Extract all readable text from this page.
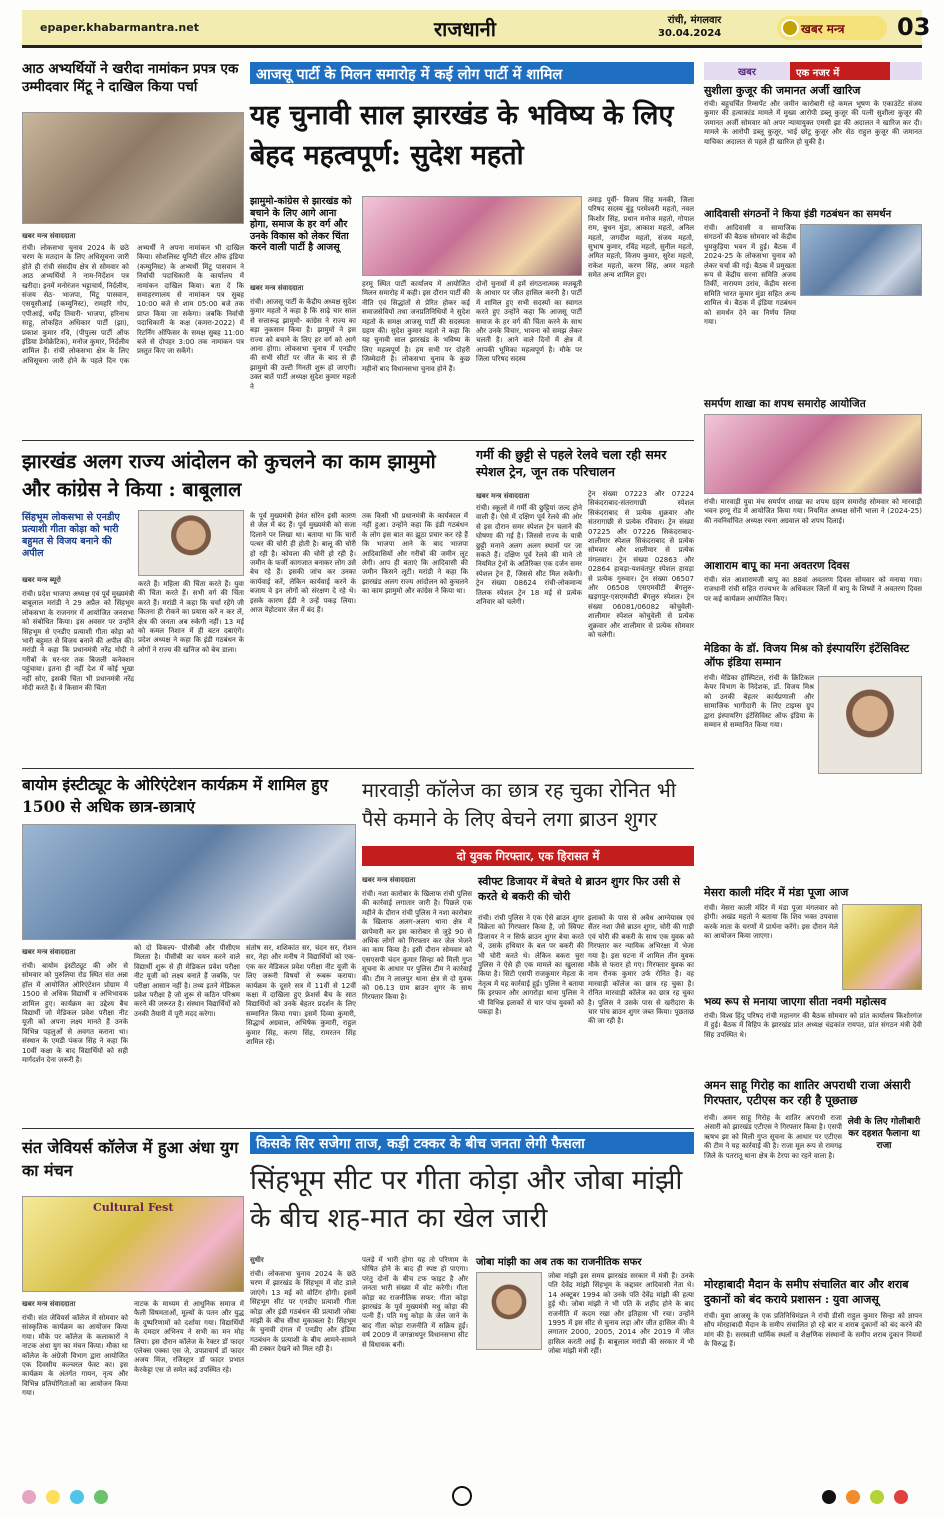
epaper.khabarmantra.net	राजधानी	रांची, मंगलवार
30.04.2024	खबर मन्त्र	03
आठ अभ्यर्थियों ने खरीदा नामांकन प्रपत्र एक उम्मीदवार मिंटू ने दाखिल किया पर्चा
खबर मन्त्र संवाददाता
रांची। लोकसभा चुनाव 2024 के छठे चरण के मतदान के लिए अधिसूचना जारी होते ही रांची संसदीय क्षेत्र से सोमवार को आठ अभ्यर्थियों ने नाम-निर्देशन पत्र खरीदा। इनमें मनोरंजन भट्टाचार्य, निर्दलीय, संजय सेठ- भाजपा, मिंटू पासवान, एसयूसीआई (कम्युनिस्ट), रामहरि गोप, एपीआई, धर्मेंद्र तिवारी- भाजपा, हरिनाथ साहू, लोकहित अधिकार पार्टी (झा), प्रकाश कुमार रवि, (पीपुल्स पार्टी ऑफ इंडिया डेमोक्रेटिक), मनोज कुमार, निर्दलीय शामिल हैं। रांची लोकसभा क्षेत्र के लिए अधिसूचना जारी होने के पहले दिन एक अभ्यर्थी ने अपना नामांकन भी दाखिल किया। सोशलिस्ट यूनिटी सेंटर ऑफ इंडिया (कम्युनिस्ट) के अभ्यर्थी मिंटू पासवान ने निर्वाची पदाधिकारी के कार्यालय में नामांकन दाखिल किया। बता दें कि समाहरणालय से नामांकन पत्र सुबह 10:00 बजे से शाम 05:00 बजे तक प्राप्त किया जा सकेगा। जबकि निर्वाची पदाधिकारी के कक्ष (कमरा-2022) में रिटर्निंग ऑफिसर के समक्ष सुबह 11:00 बजे से दोपहर 3:00 तक नामांकन पत्र प्रस्तुत किए जा सकेंगे।
आजसू पार्टी के मिलन समारोह में कई लोग पार्टी में शामिल
यह चुनावी साल झारखंड के भविष्य के लिए बेहद महत्वपूर्ण: सुदेश महतो
झामुमो-कांग्रेस से झारखंड को बचाने के लिए आगे आना होगा, समाज के हर वर्ग और उनके विकास को लेकर चिंता करने वाली पार्टी है आजसू
खबर मन्त्र संवाददाता
रांची। आजसू पार्टी के केंद्रीय अध्यक्ष सुदेश कुमार महतो ने कहा है कि साढ़े चार साल से सत्तारूढ़ झामुमो- कांग्रेस ने राज्य का बड़ा नुकसान किया है। झामुमो ने इस राज्य को बचाने के लिए हर वर्ग को आगे आना होगा। लोकसभा चुनाव में एनडीए की सभी सीटों पर जीत के बाद से ही झामुमो की उल्टी गिनती शुरू हो जाएगी। उक्त बातें पार्टी अध्यक्ष सुदेश कुमार महतो ने
हरमू स्थित पार्टी कार्यालय में आयोजित मिलन समारोह में कही। इस दौरान पार्टी की नीति एवं सिद्धांतों से प्रेरित होकर कई समाजसेवियों तथा जनप्रतिनिधियों ने सुदेश महतो के समक्ष आजसू पार्टी की सदस्यता ग्रहण की। सुदेश कुमार महतो ने कहा कि यह चुनावी साल झारखंड के भविष्य के लिए महत्वपूर्ण है। हम सभी पर दोहरी जिम्मेदारी है। लोकसभा चुनाव के कुछ महीनों बाद विधानसभा चुनाव होने हैं।
दोनों चुनावों में हमें संगठनात्मक मजबूती के आधार पर जीत हासिल करनी है। पार्टी में शामिल हुए सभी सदस्यों का स्वागत करते हुए उन्होंने कहा कि आजसू पार्टी समाज के हर वर्ग की चिंता करने के साथ और उनके विचार, भावना को समझ लेकर चलती है। आने वाले दिनों में क्षेत्र में आपकी भूमिका महत्वपूर्ण है। मौके पर जिला परिषद सदस्य
तमाड़ पूर्वी- विजय सिंह मनकी, जिला परिषद सदस्य बुंडू परमेश्वरी महतो, नवल किशोर सिंह, प्रधान मनोज महतो, गोपाल राम, बुधन मुंडा, आकाश महतो, अनिल महतो, जगदीश महतो, संजय महतो, सुभाष कुमार, रविंद्र महतो, सुनील महतो, अमित महतो, विजय कुमार, सुरेश महतो, राकेश महतो, करण सिंह, अमर महतो समेत अन्य शामिल हुए।
झारखंड अलग राज्य आंदोलन को कुचलने का काम झामुमो और कांग्रेस ने किया : बाबूलाल
सिंहभूम लोकसभा से एनडीए प्रत्याशी गीता कोड़ा को भारी बहुमत से विजय बनाने की अपील
खबर मन्त्र ब्यूरो
रांची। प्रदेश भाजपा अध्यक्ष एवं पूर्व मुख्यमंत्री बाबूलाल मरांडी ने 29 अप्रैल को सिंहभूम लोकसभा के राजनगर में आयोजित जनसभा को संबोधित किया। इस अवसर पर उन्होंने सिंहभूम से एनडीए प्रत्याशी गीता कोड़ा को भारी बहुमत से विजय बनाने की अपील की। मरांडी ने कहा कि प्रधानमंत्री नरेंद्र मोदी ने गरीबों के घर-घर तक बिजली कनेक्शन पहुंचाया। इतना ही नहीं देश में कोई भूखा नहीं सोए, इसकी चिंता भी प्रधानमंत्री नरेंद्र मोदी करते हैं। वे किसान की चिंता
करते हैं। महिला की चिंता करते हैं। युवा की चिंता करते हैं। सभी वर्ग की चिंता करते हैं। मरांडी ने कहा कि चर्चा रहेंगे जी कितना ही रोकने का प्रयास करें न कर लें, क्षेत्र की जनता अब रुकेगी नहीं। 13 मई को कमल निशान में ही बटन दबाएंगे। प्रदेश अध्यक्ष ने कहा कि इंडी गठबंधन के लोगों ने राज्य की खनिज को बेच डाला।
के पूर्व मुख्यमंत्री हेमंत सोरेन इसी कारण से जेल में बंद हैं। पूर्व मुख्यमंत्री को सजा दिलाने पर लिखा था। बताया था कि चारों पत्थर की चोरी ही होती है। बालू की चोरी हो रही है। कोयला की चोरी हो रही है। जमीन के फर्जी कागजात बनाकर लोग उसे बेच रहे हैं। इसकी जांच कर उनका कार्यवाई करें, लेकिन कार्यवाई करने के बजाय वे इन लोगों को संरक्षण दे रहे थे। इसके कारण ईडी ने उन्हें पकड़ लिया। आज वेहोटवार जेल में बंद हैं।
तक किसी भी प्रधानमंत्री के कार्यकाल में नहीं हुआ। उन्होंने कहा कि इंडी गठबंधन के लोग इस बात का झूठा प्रचार कर रहे हैं कि भाजपा आने के बाद भाजपा आदिवासियों और गरीबों की जमीन लूट लेगी। आप ही बताएं कि आदिवासी की जमीन किसने लूटी। मरांडी ने कहा कि झारखंड अलग राज्य आंदोलन को कुचलने का काम झामुमो और कांग्रेस ने किया था।
गर्मी की छुट्टी से पहले रेलवे चला रही समर स्पेशल ट्रेन, जून तक परिचालन
खबर मन्त्र संवाददाता
रांची। स्कूलों में गर्मी की छुट्टियां जल्द होने वाली हैं। ऐसे में दक्षिण पूर्व रेलवे की ओर से इस दौरान समर स्पेशल ट्रेन चलाने की घोषणा की गई है। जिससे राज्य के यात्री छुट्टी मनाने अलग अलग स्थानों पर जा सकते हैं। दक्षिण पूर्व रेलवे की माने तो नियमित ट्रेनों के अतिरिक्त एक दर्जन समर स्पेशल ट्रेन हैं, जिससे सीट मिल सकेगी। ट्रेन संख्या 08624 रांची-लोकमान्य तिलक स्पेशल ट्रेन 18 मई से प्रत्येक शनिवार को चलेगी।
ट्रेन संख्या 07223 और 07224 सिकंदराबाद-संतरागाछी स्पेशल सिकंदराबाद से प्रत्येक शुक्रवार और संतरागाछी से प्रत्येक रविवार। ट्रेन संख्या 07225 और 07226 सिकंदराबाद-शालीमार स्पेशल सिकंदराबाद से प्रत्येक सोमवार और शालीमार से प्रत्येक मंगलवार। ट्रेन संख्या 02863 और 02864 हावड़ा-यशवंतपुर स्पेशल हावड़ा से प्रत्येक गुरुवार। ट्रेन संख्या 06507 और 06508 एसएमवीटी बेंगलुरु-खड़गपुर-एसएमवीटी बेंगलुरु स्पेशल। ट्रेन संख्या 06081/06082 कोचुवेली-शालीमार स्पेशल कोचुवेली से प्रत्येक शुक्रवार और शालीमार से प्रत्येक सोमवार को चलेगी।
बायोम इंस्टीट्यूट के ओरिएंटेशन कार्यक्रम में शामिल हुए 1500 से अधिक छात्र-छात्राएं
खबर मन्त्र संवाददाता
रांची। बायोम इंस्टीट्यूट की ओर से सोमवार को पुरुलिया रोड स्थित संत अन्ना हॉल में आयोजित ओरिएंटेशन प्रोग्राम में 1500 से अधिक विद्यार्थी व अभिभावक शामिल हुए। कार्यक्रम का उद्देश्य बैच विद्यार्थी जो मेडिकल प्रवेश परीक्षा नीट यूजी को अपना लक्ष्य मानते हैं उनके विभिन्न पहलुओं से अवगत कराना था। संस्थान के एमडी पंकज सिंह ने कहा कि 10वीं कक्षा के बाद विद्यार्थियों को सही मार्गदर्शन देना जरूरी है।
को दो विकल्प- पीसीबी और पीसीएम मिलता है। पीसीबी का चयन करने वाले विद्यार्थी शुरू से ही मेडिकल प्रवेश परीक्षा नीट यूजी को लक्ष्य बनाते हैं जबकि, पर परीक्षा आसान नहीं है। तथ्य इतने मेडिकल प्रवेश परीक्षा है जो शुरू से कठिन परिश्रम करने की जरूरत है। संस्थान विद्यार्थियों को उनकी तैयारी में पूरी मदद करेगा।
संतोष सर, शशिकांत सर, चंदन सर, रोशन सर, नेहा और मनीष ने विद्यार्थियों को एक-एक कर मेडिकल प्रवेश परीक्षा नीट यूजी के लिए जरूरी विषयों से रूबरू कराया। कार्यक्रम के दूसरे सत्र में 11वीं से 12वीं कक्षा में दाखिला हुए फ्रेशर्स बैच के सात विद्यार्थियों को उनके बेहतर प्रदर्शन के लिए सम्मानित किया गया। इसमें दिव्या कुमारी, सिद्धार्थ अग्रवाल, अभिषेक कुमारी, राहुल कुमार सिंह, करण सिंह, रामरतन सिंह शामिल रहे।
मारवाड़ी कॉलेज का छात्र रह चुका रोनित भी पैसे कमाने के लिए बेचने लगा ब्राउन शुगर
दो युवक गिरफ्तार, एक हिरासत में
खबर मन्त्र संवाददाता
रांची। नशा कारोबार के खिलाफ रांची पुलिस की कार्रवाई लगातार जारी है। पिछले एक महीने के दौरान रांची पुलिस ने नशा कारोबार के खिलाफ अलग-अलग थाना क्षेत्र में छापेमारी कर इस कारोबार से जुड़े 90 से अधिक लोगों को गिरफ्तार कर जेल भेजने का काम किया है। इसी दौरान सोमवार को एसएसपी चंदन कुमार सिन्हा को मिली गुप्त सूचना के आधार पर पुलिस टीम ने कार्रवाई की। टीम ने लालपुर थाना क्षेत्र से दो युवक को 06.13 ग्राम ब्राउन शुगर के साथ गिरफ्तार किया है।
स्वीफ्ट डिजायर में बेचते थे ब्राउन शुगर फिर उसी से करते थे बकरी की चोरी
रांची। रांची पुलिस ने एक ऐसे ब्राउन शुगर विक्रेता को गिरफ्तार किया है, जो स्विफ्ट डिजायर ने न सिर्फ ब्राउन शुगर बेचा करते थे, उसके हथियार के बल पर बकरी की भी चोरी करते थे। लेकिन बकरा चुरा पुलिस ने ऐसे ही एक मामले का खुलासा किया है। सिटी एसपी राजकुमार मेहता के नेतृत्व में यह कार्रवाई हुई। पुलिस ने बताया कि इरफान और आगरोड़ा थाना पुलिस ने भी विभिन्न इलाकों से चार पांच युवकों को पकड़ा है।
इलाकों के पास से अवैध आग्नेयास्त्र एवं सैंतर नशा जैसे ब्राउन शुगर, चोरी की गाड़ी एवं चोरी की बकरी के साथ एक युवक को गिरफ्तार कर न्यायिक अभिरक्षा में भेजा गया है। इस घटना में शामिल तीन युवक मौके से फरार हो गए। गिरफ्तार युवक का नाम रौनक कुमार उर्फ रोनित है। वह मारवाड़ी कॉलेज का छात्र रह चुका है। रोनित मारवाड़ी कॉलेज का छात्र रह चुका है। पुलिस ने उसके पास से खरीदारा के चार पांच ब्राउन शुगर जब्त किया। पूछताछ की जा रही है।
संत जेवियर्स कॉलेज में हुआ अंधा युग का मंचन
Cultural Fest
खबर मन्त्र संवाददाता
रांची। संत जेवियर्स कॉलेज में सोमवार को सांस्कृतिक कार्यक्रम का आयोजन किया गया। मौके पर कॉलेज के कलाकारों ने नाटक अंधा युग का मंचन किया। मौका था कॉलेज के अंग्रेजी विभाग द्वारा आयोजित एक दिवसीय कल्चरल फेस्ट का। इस कार्यक्रम के अंतर्गत गायन, नृत्य और विभिन्न प्रतियोगिताओं का आयोजन किया गया।
नाटक के माध्यम से आधुनिक समाज में फैली विषमताओं, मूल्यों के पतन और युद्ध के दुष्परिणामों को दर्शाया गया। विद्यार्थियों के दमदार अभिनय ने सभी का मन मोह लिया। इस दौरान कॉलेज के रेक्टर डॉ फादर एलेक्स एक्का एस जे, उपप्राचार्य डॉ फादर अजय मिंज, रजिस्ट्रार डॉ फादर प्रभात केरकेट्टा एस जे समेत कई उपस्थित रहे।
किसके सिर सजेगा ताज, कड़ी टक्कर के बीच जनता लेगी फैसला
सिंहभूम सीट पर गीता कोड़ा और जोबा मांझी के बीच शह-मात का खेल जारी
सुधीर
रांची। लोकसभा चुनाव 2024 के छठे चरण में झारखंड के सिंहभूम में वोट डाले जाएंगे। 13 मई को वोटिंग होगी। इसमें सिंहभूम सीट पर एनडीए प्रत्याशी गीता कोड़ा और इंडी गठबंधन की प्रत्याशी जोबा मांझी के बीच सीधा मुकाबला है। सिंहभूम के चुनावी दंगल में एनडीए और इंडिया गठबंधन के प्रत्याशी के बीच आमने-सामने की टक्कर देखने को मिल रही है।
पलड़े में भारी होगा यह तो परिणाम के घोषित होने के बाद ही स्पष्ट हो पाएगा। परंतु दोनों के बीच टफ फाइट है और जनता भारी संख्या में वोट करेगी। गीता कोड़ा का राजनीतिक सफर: गीता कोड़ा झारखंड के पूर्व मुख्यमंत्री मधु कोड़ा की पत्नी हैं। पति मधु कोड़ा के जेल जाने के बाद गीता कोड़ा राजनीति में सक्रिय हुईं। वर्ष 2009 में जगन्नाथपुर विधानसभा सीट से विधायक बनीं।
जोबा मांझी का अब तक का राजनीतिक सफर
जोबा मांझी इस समय झारखंड सरकार में मंत्री हैं। उनके पति देवेंद्र मांझी सिंहभूम के कद्दावर आदिवासी नेता थे। 14 अक्टूबर 1994 को उनके पति देवेंद्र मांझी की हत्या हुई थी। जोबा मांझी ने भी पति के शहीद होने के बाद राजनीति में कदम रखा और इतिहास भी रचा। उन्होंने 1995 में इस सीट से चुनाव लड़ा और जीत हासिल की। वे लगातार 2000, 2005, 2014 और 2019 में जीत हासिल करती आई हैं। बाबूलाल मरांडी की सरकार में भी जोबा मांझी मंत्री रहीं।
खबर	एक नजर में
सुशीला कुजूर की जमानत अर्जी खारिज
रांची। बहुचर्चित रिम्सपेंट और जमीन कारोबारी रहे कमल भूषण के एकाउंटेंट संजय कुमार की हत्याकांड मामले में मुख्य आरोपी डब्लू कुजूर की पत्नी सुशीला कुजूर की जमानत अर्जी सोमवार को अपर न्यायायुक्त एमसी झा की अदालत ने खारिज कर दी। मामले के आरोपी डब्लू कुजूर, भाई छोटू कुजूर और सेठ राहुल कुजूर की जमानत याचिका अदालत से पहले ही खारिज हो चुकी है।
आदिवासी संगठनों ने किया इंडी गठबंधन का समर्थन
रांची। आदिवासी व सामाजिक संगठनों की बैठक सोमवार को केंद्रीय धुमकुड़िया भवन में हुई। बैठक में 2024-25 के लोकसभा चुनाव को लेकर चर्चा की गई। बैठक में प्रमुखता रूप से केंद्रीय सरना समिति अजय तिर्की, नारायण उरांव, केंद्रीय सरना समिति भारत कुमार मुंडा सहित अन्य शामिल थे। बैठक में इंडिया गठबंधन को समर्थन देने का निर्णय लिया गया।
समर्पण शाखा का शपथ समारोह आयोजित
रांची। मारवाड़ी युवा मंच समर्पण शाखा का शपथ ग्रहण समारोह सोमवार को मारवाड़ी भवन हरमू रोड में आयोजित किया गया। नियमित अध्यक्ष सोनी भाला ने (2024-25) की नवनिर्वाचित अध्यक्ष रचना अग्रवाल को शपथ दिलाई।
आशाराम बापू का मना अवतरण दिवस
रांची। संत आशारामजी बापू का 88वां अवतरण दिवस सोमवार को मनाया गया। राजधानी रांची सहित राज्यभर के अधिकतर जिलों में बापू के शिष्यों ने अवतरण दिवस पर कई कार्यक्रम आयोजित किए।
मेडिका के डॉ. विजय मिश्र को इंस्पायरिंग इंटेंसिविस्ट ऑफ इंडिया सम्मान
रांची। मेडिका हॉस्पिटल, रांची के क्रिटिकल केयर विभाग के निदेशक, डॉ. विजय मिश्र को उनकी बेहतर कार्यप्रणाली और सामाजिक भागीदारी के लिए टाइम्स ग्रुप द्वारा इंस्पायरिंग इंटेंसिविस्ट ऑफ इंडिया के सम्मान से सम्मानित किया गया।
मेसरा काली मंदिर में मंडा पूजा आज
रांची। मेसरा काली मंदिर में मंडा पूजा मंगलवार को होगी। अखंड महतो ने बताया कि शिव भक्त उपवास करके माता के चरणों में प्रार्थना करेंगे। इस दौरान मेले का आयोजन किया जाएगा।
भव्य रूप से मनाया जाएगा सीता नवमी महोत्सव
रांची। विश्व हिंदू परिषद रांची महानगर की बैठक सोमवार को प्रांत कार्यालय किशोरगंज में हुई। बैठक में विहिप के झारखंड प्रांत अध्यक्ष चंद्रकांत रायपत, प्रांत संगठन मंत्री देवी सिंह उपस्थित थे।
अमन साहू गिरोह का शातिर अपराधी राजा अंसारी गिरफ्तार, एटीएस कर रही है पूछताछ
रांची। अमन साहू गिरोह के शातिर अपराधी राजा अंसारी को झारखंड एटीएस ने गिरफ्तार किया है। एसपी ऋषभ झा को मिली गुप्त सूचना के आधार पर एटीएस की टीम ने यह कार्रवाई की है। राजा मूल रूप से रामगढ़ जिले के पतरातू थाना क्षेत्र के टेरपा का रहने वाला है।
लेवी के लिए गोलीबारी कर दहशत फैलाना था राजा
मोरहाबादी मैदान के समीप संचालित बार और शराब दुकानों को बंद कराये प्रशासन : युवा आजसू
रांची। युवा आजसू के एक प्रतिनिधिमंडल ने रांची डीसी राहुल कुमार सिन्हा को ज्ञापन सौंप मोरहाबादी मैदान के समीप संचालित हो रहे बार व शराब दुकानों को बंद करने की मांग की है। सरस्वती धार्मिक स्थलों व शैक्षणिक संस्थानों के समीप शराब दुकान नियमों के विरुद्ध हैं।
